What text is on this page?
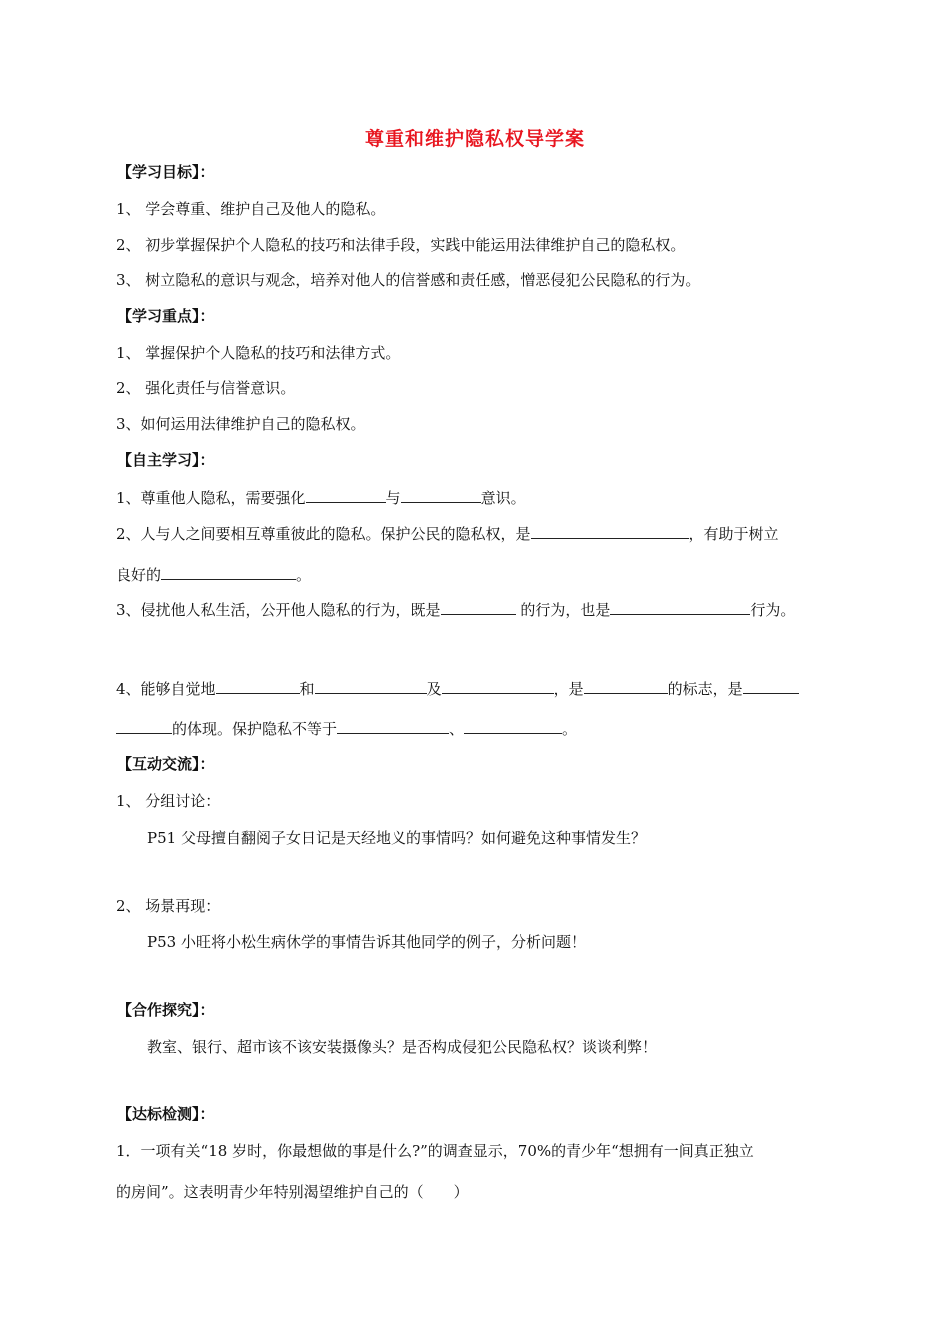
尊重和维护隐私权导学案
【学习目标】：
1、 学会尊重、维护自己及他人的隐私。
2、 初步掌握保护个人隐私的技巧和法律手段，实践中能运用法律维护自己的隐私权。
3、 树立隐私的意识与观念，培养对他人的信誉感和责任感，憎恶侵犯公民隐私的行为。
【学习重点】：
1、 掌握保护个人隐私的技巧和法律方式。
2、 强化责任与信誉意识。
3、如何运用法律维护自己的隐私权。
【自主学习】：
1、尊重他人隐私，需要强化	与	意识。
2、人与人之间要相互尊重彼此的隐私。保护公民的隐私权，是	，有助于树立
良好的	。
3、侵扰他人私生活，公开他人隐私的行为，既是	的行为，也是	行为。
4、能够自觉地	和	及	，是	的标志，是
的体现。保护隐私不等于	、	。
【互动交流】：
1、 分组讨论：
P51 父母擅自翻阅子女日记是天经地义的事情吗？如何避免这种事情发生？
2、 场景再现：
P53 小旺将小松生病休学的事情告诉其他同学的例子，分析问题！
【合作探究】：
教室、银行、超市该不该安装摄像头？是否构成侵犯公民隐私权？谈谈利弊！
【达标检测】：
1．一项有关“18 岁时，你最想做的事是什么?”的调查显示，70%的青少年“想拥有一间真正独立
的房间”。这表明青少年特别渴望维护自己的（　　）
